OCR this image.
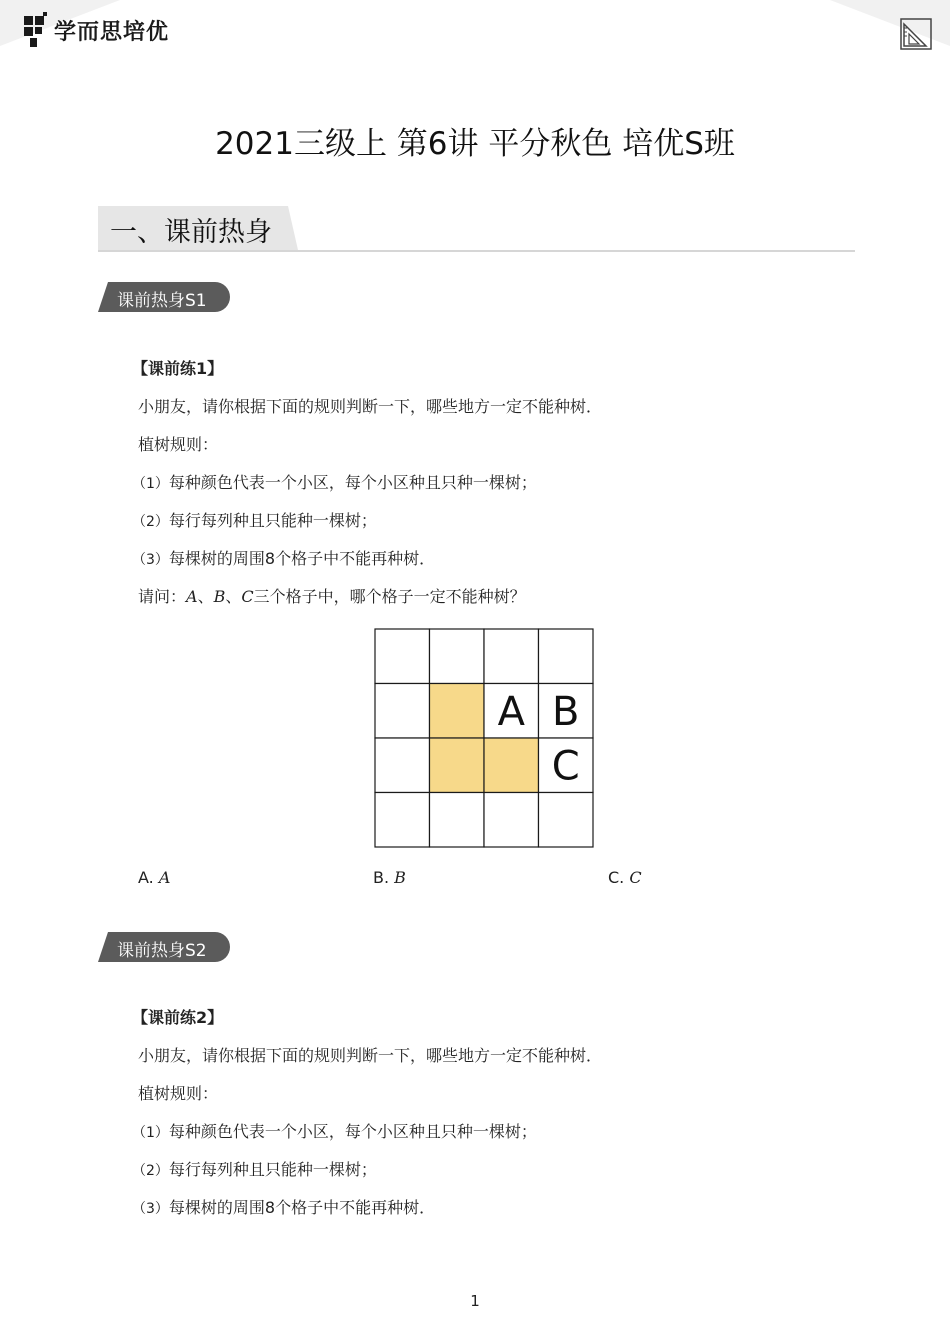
学而思培优
2021三级上 第6讲 平分秋色 培优S班
一、课前热身
课前热身S1
【课前练1】
小朋友，请你根据下面的规则判断一下，哪些地方一定不能种树．
植树规则：
（1）每种颜色代表一个小区，每个小区种且只种一棵树；
（2）每行每列种且只能种一棵树；
（3）每棵树的周围8个格子中不能再种树．
请问：A、B、C三个格子中，哪个格子一定不能种树？
A B
C
A. A	B. B	C. C
课前热身S2
【课前练2】
小朋友，请你根据下面的规则判断一下，哪些地方一定不能种树．
植树规则：
（1）每种颜色代表一个小区，每个小区种且只种一棵树；
（2）每行每列种且只能种一棵树；
（3）每棵树的周围8个格子中不能再种树．
1
